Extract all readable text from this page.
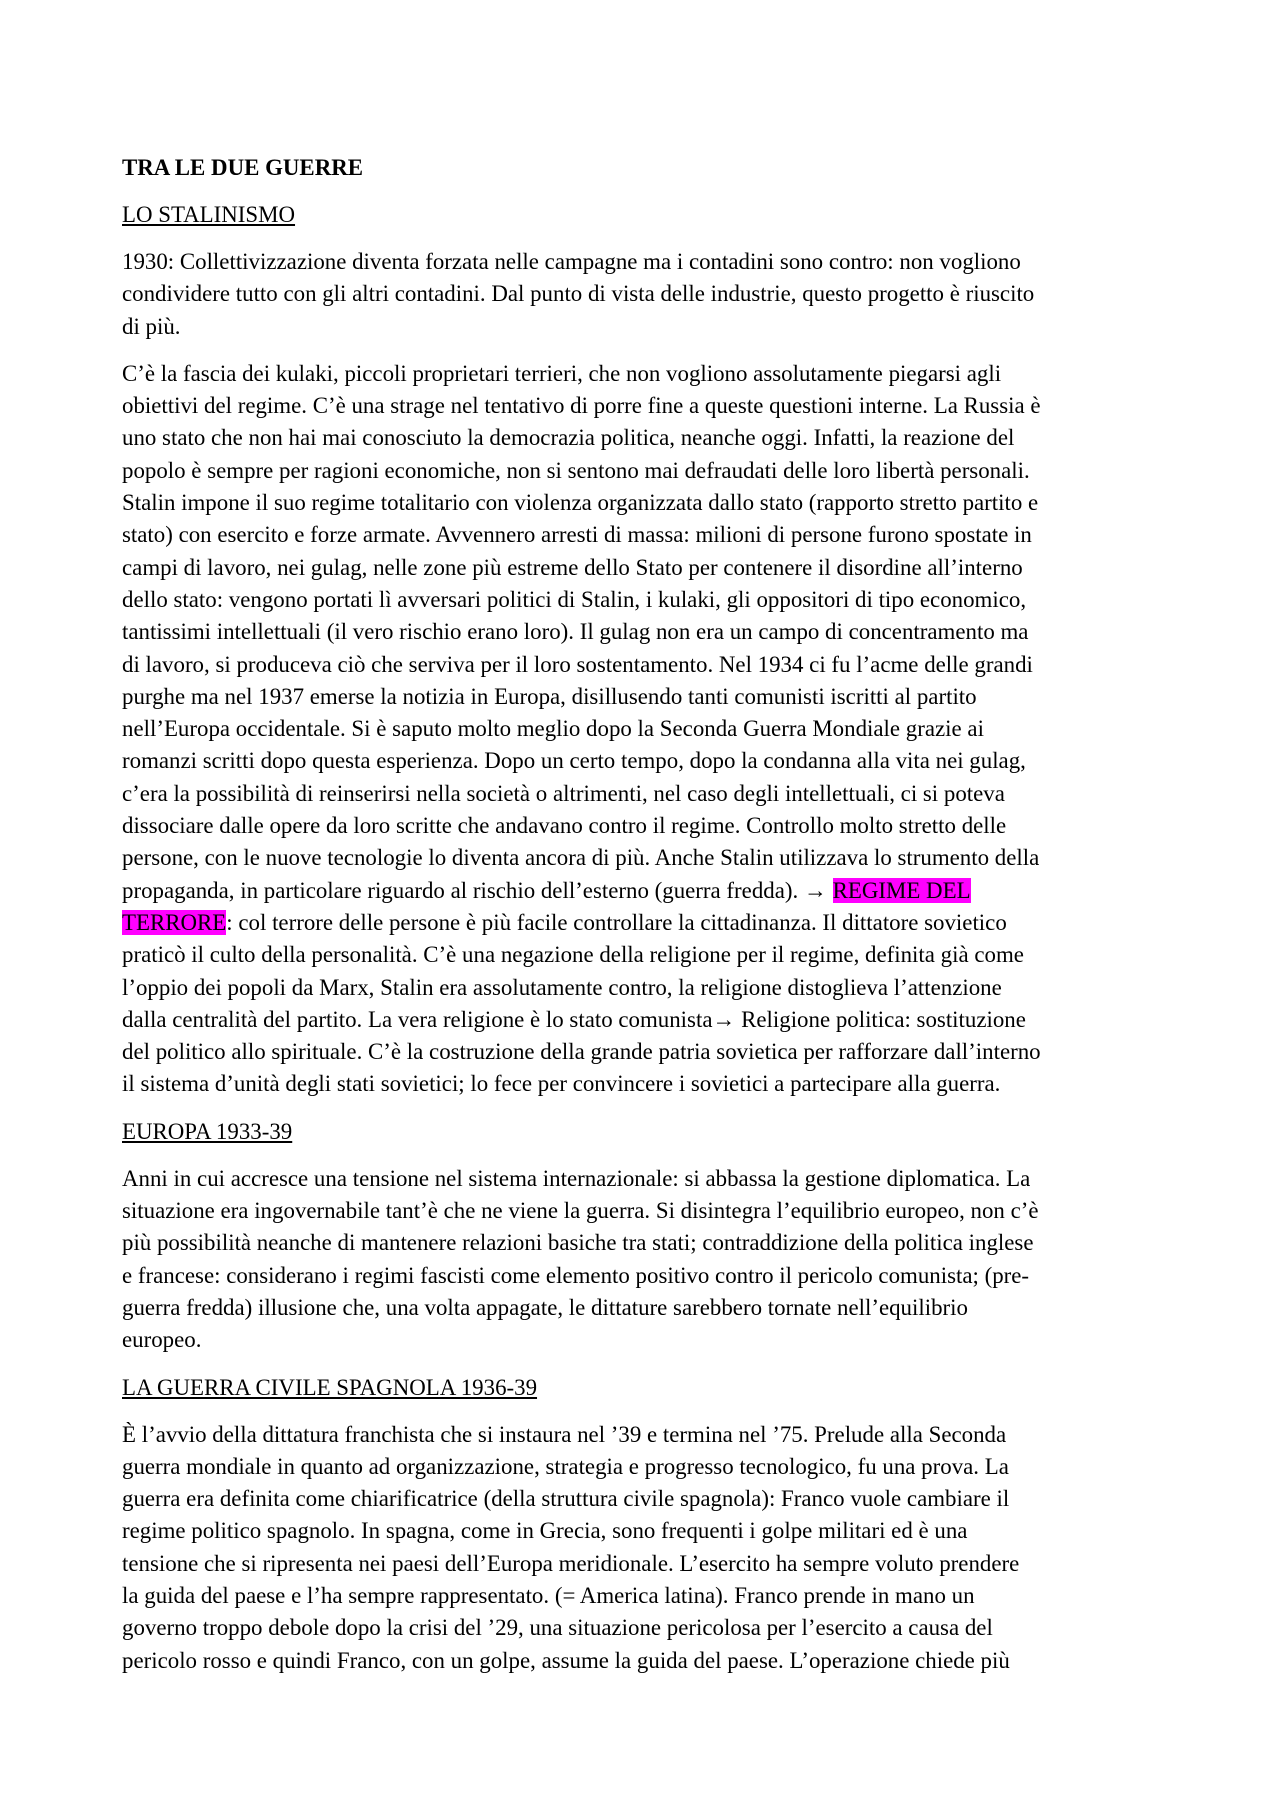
TRA LE DUE GUERRE
LO STALINISMO
1930: Collettivizzazione diventa forzata nelle campagne ma i contadini sono contro: non vogliono
condividere tutto con gli altri contadini. Dal punto di vista delle industrie, questo progetto è riuscito
di più.
C’è la fascia dei kulaki, piccoli proprietari terrieri, che non vogliono assolutamente piegarsi agli
obiettivi del regime. C’è una strage nel tentativo di porre fine a queste questioni interne. La Russia è
uno stato che non hai mai conosciuto la democrazia politica, neanche oggi. Infatti, la reazione del
popolo è sempre per ragioni economiche, non si sentono mai defraudati delle loro libertà personali.
Stalin impone il suo regime totalitario con violenza organizzata dallo stato (rapporto stretto partito e
stato) con esercito e forze armate. Avvennero arresti di massa: milioni di persone furono spostate in
campi di lavoro, nei gulag, nelle zone più estreme dello Stato per contenere il disordine all’interno
dello stato: vengono portati lì avversari politici di Stalin, i kulaki, gli oppositori di tipo economico,
tantissimi intellettuali (il vero rischio erano loro). Il gulag non era un campo di concentramento ma
di lavoro, si produceva ciò che serviva per il loro sostentamento. Nel 1934 ci fu l’acme delle grandi
purghe ma nel 1937 emerse la notizia in Europa, disillusendo tanti comunisti iscritti al partito
nell’Europa occidentale. Si è saputo molto meglio dopo la Seconda Guerra Mondiale grazie ai
romanzi scritti dopo questa esperienza. Dopo un certo tempo, dopo la condanna alla vita nei gulag,
c’era la possibilità di reinserirsi nella società o altrimenti, nel caso degli intellettuali, ci si poteva
dissociare dalle opere da loro scritte che andavano contro il regime. Controllo molto stretto delle
persone, con le nuove tecnologie lo diventa ancora di più. Anche Stalin utilizzava lo strumento della
propaganda, in particolare riguardo al rischio dell’esterno (guerra fredda). → REGIME DEL
TERRORE: col terrore delle persone è più facile controllare la cittadinanza. Il dittatore sovietico
praticò il culto della personalità. C’è una negazione della religione per il regime, definita già come
l’oppio dei popoli da Marx, Stalin era assolutamente contro, la religione distoglieva l’attenzione
dalla centralità del partito. La vera religione è lo stato comunista→ Religione politica: sostituzione
del politico allo spirituale. C’è la costruzione della grande patria sovietica per rafforzare dall’interno
il sistema d’unità degli stati sovietici; lo fece per convincere i sovietici a partecipare alla guerra.
EUROPA 1933-39
Anni in cui accresce una tensione nel sistema internazionale: si abbassa la gestione diplomatica. La
situazione era ingovernabile tant’è che ne viene la guerra. Si disintegra l’equilibrio europeo, non c’è
più possibilità neanche di mantenere relazioni basiche tra stati; contraddizione della politica inglese
e francese: considerano i regimi fascisti come elemento positivo contro il pericolo comunista; (pre-
guerra fredda) illusione che, una volta appagate, le dittature sarebbero tornate nell’equilibrio
europeo.
LA GUERRA CIVILE SPAGNOLA 1936-39
È l’avvio della dittatura franchista che si instaura nel ’39 e termina nel ’75. Prelude alla Seconda
guerra mondiale in quanto ad organizzazione, strategia e progresso tecnologico, fu una prova. La
guerra era definita come chiarificatrice (della struttura civile spagnola): Franco vuole cambiare il
regime politico spagnolo. In spagna, come in Grecia, sono frequenti i golpe militari ed è una
tensione che si ripresenta nei paesi dell’Europa meridionale. L’esercito ha sempre voluto prendere
la guida del paese e l’ha sempre rappresentato. (= America latina). Franco prende in mano un
governo troppo debole dopo la crisi del ’29, una situazione pericolosa per l’esercito a causa del
pericolo rosso e quindi Franco, con un golpe, assume la guida del paese. L’operazione chiede più
